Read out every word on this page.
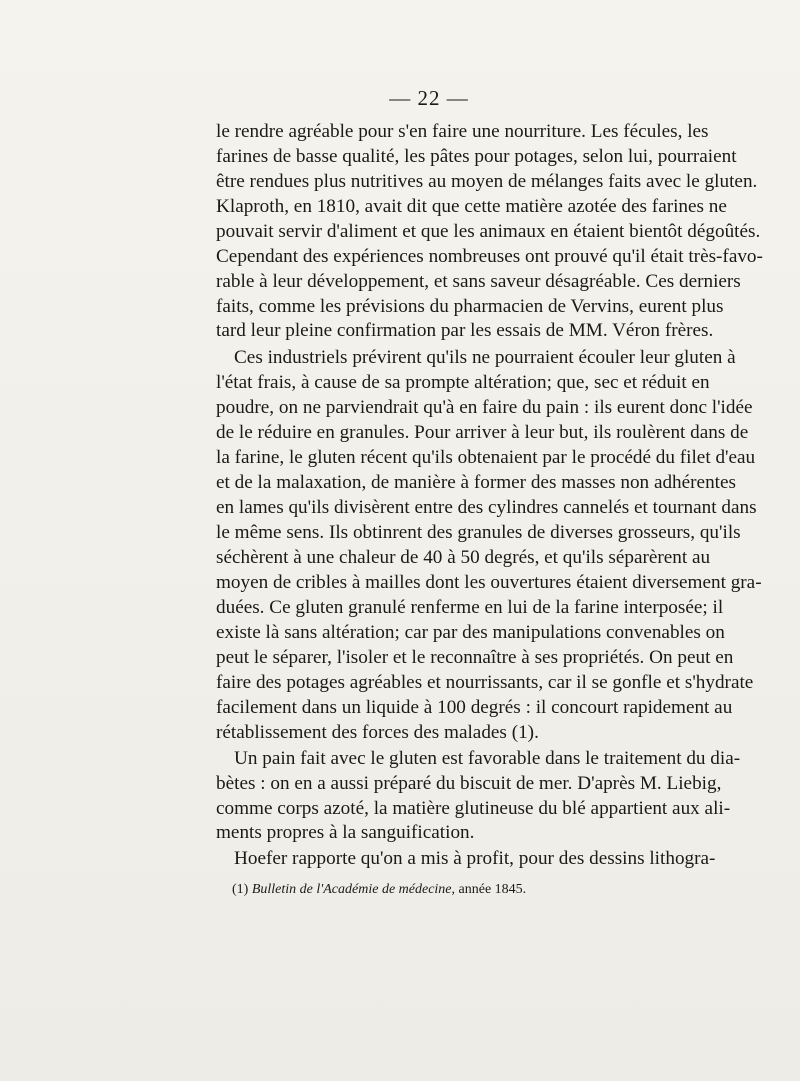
— 22 —
le rendre agréable pour s'en faire une nourriture. Les fécules, les
farines de basse qualité, les pâtes pour potages, selon lui, pourraient
être rendues plus nutritives au moyen de mélanges faits avec le gluten.
Klaproth, en 1810, avait dit que cette matière azotée des farines ne
pouvait servir d'aliment et que les animaux en étaient bientôt dégoûtés.
Cependant des expériences nombreuses ont prouvé qu'il était très-favo-
rable à leur développement, et sans saveur désagréable. Ces derniers
faits, comme les prévisions du pharmacien de Vervins, eurent plus
tard leur pleine confirmation par les essais de MM. Véron frères.
Ces industriels prévirent qu'ils ne pourraient écouler leur gluten à
l'état frais, à cause de sa prompte altération; que, sec et réduit en
poudre, on ne parviendrait qu'à en faire du pain : ils eurent donc l'idée
de le réduire en granules. Pour arriver à leur but, ils roulèrent dans de
la farine, le gluten récent qu'ils obtenaient par le procédé du filet d'eau
et de la malaxation, de manière à former des masses non adhérentes
en lames qu'ils divisèrent entre des cylindres cannelés et tournant dans
le même sens. Ils obtinrent des granules de diverses grosseurs, qu'ils
séchèrent à une chaleur de 40 à 50 degrés, et qu'ils séparèrent au
moyen de cribles à mailles dont les ouvertures étaient diversement gra-
duées. Ce gluten granulé renferme en lui de la farine interposée; il
existe là sans altération; car par des manipulations convenables on
peut le séparer, l'isoler et le reconnaître à ses propriétés. On peut en
faire des potages agréables et nourrissants, car il se gonfle et s'hydrate
facilement dans un liquide à 100 degrés : il concourt rapidement au
rétablissement des forces des malades (1).
Un pain fait avec le gluten est favorable dans le traitement du dia-
bètes : on en a aussi préparé du biscuit de mer. D'après M. Liebig,
comme corps azoté, la matière glutineuse du blé appartient aux ali-
ments propres à la sanguification.
Hoefer rapporte qu'on a mis à profit, pour des dessins lithogra-
(1) Bulletin de l'Académie de médecine, année 1845.
